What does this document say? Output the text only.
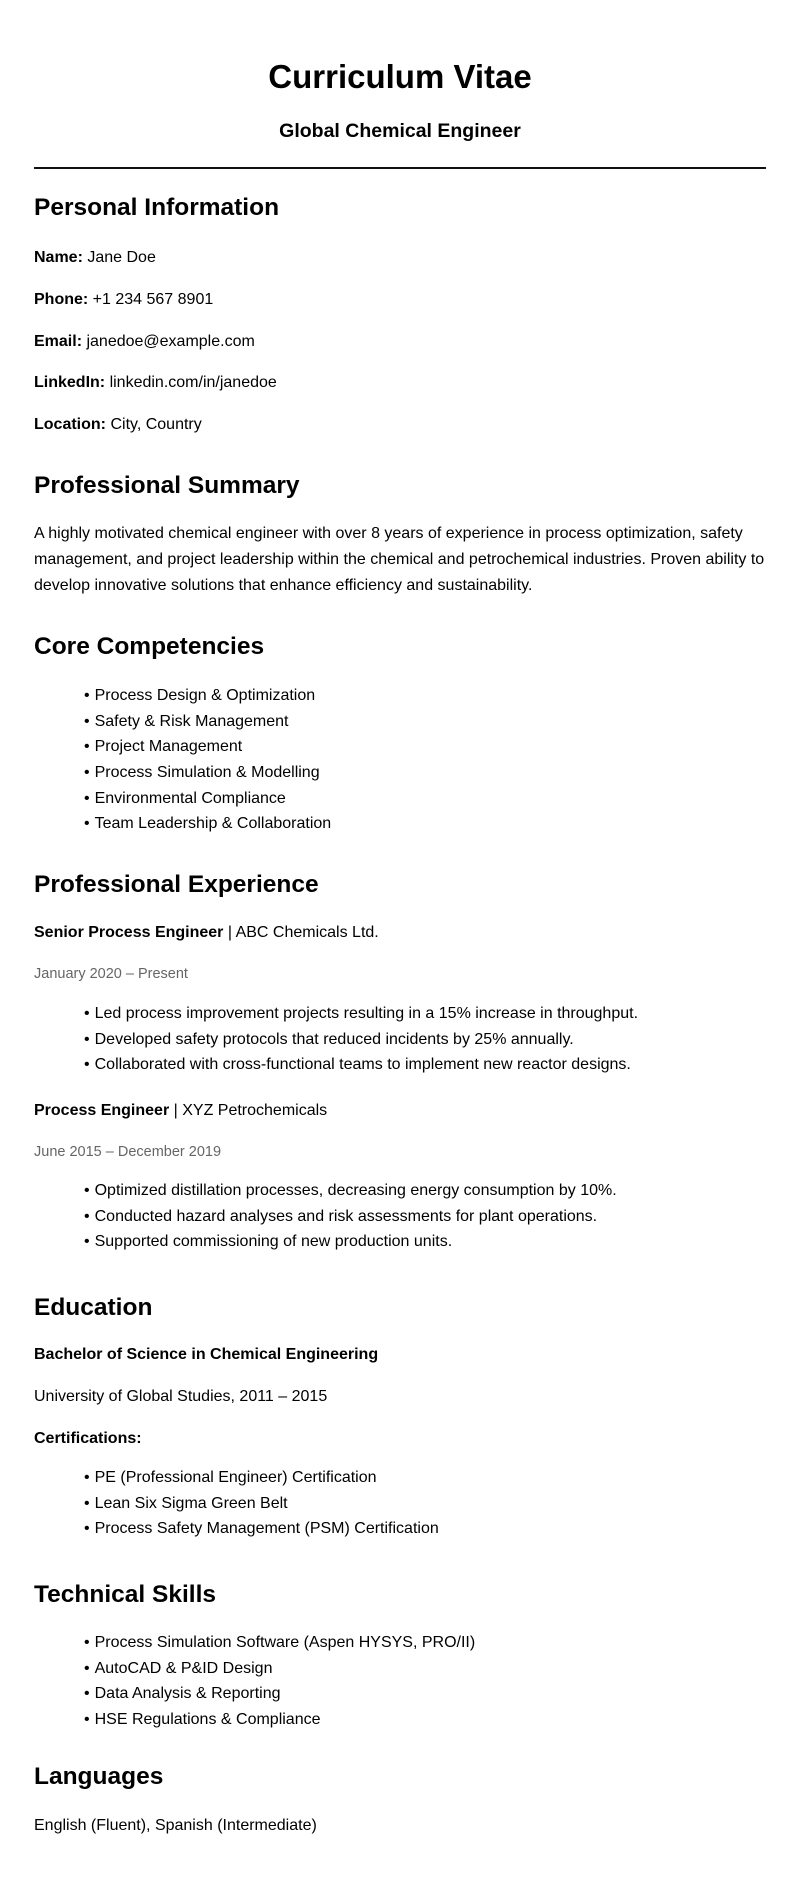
Curriculum Vitae
Global Chemical Engineer
Personal Information

Name: Jane Doe

Phone: +1 234 567 8901

Email: janedoe@example.com

LinkedIn: linkedin.com/in/janedoe

Location: City, Country

Professional Summary

A highly motivated chemical engineer with over 8 years of experience in process optimization, safety management, and project leadership within the chemical and petrochemical industries. Proven ability to develop innovative solutions that enhance efficiency and sustainability.

Core Competencies
• Process Design & Optimization
• Safety & Risk Management
• Project Management
• Process Simulation & Modelling
• Environmental Compliance
• Team Leadership & Collaboration
Professional Experience

Senior Process Engineer | ABC Chemicals Ltd.

January 2020 – Present

• Led process improvement projects resulting in a 15% increase in throughput.
• Developed safety protocols that reduced incidents by 25% annually.
• Collaborated with cross-functional teams to implement new reactor designs.

Process Engineer | XYZ Petrochemicals

June 2015 – December 2019

• Optimized distillation processes, decreasing energy consumption by 10%.
• Conducted hazard analyses and risk assessments for plant operations.
• Supported commissioning of new production units.
Education

Bachelor of Science in Chemical Engineering

University of Global Studies, 2011 – 2015

Certifications:

• PE (Professional Engineer) Certification
• Lean Six Sigma Green Belt
• Process Safety Management (PSM) Certification
Technical Skills
• Process Simulation Software (Aspen HYSYS, PRO/II)
• AutoCAD & P&ID Design
• Data Analysis & Reporting
• HSE Regulations & Compliance
Languages

English (Fluent), Spanish (Intermediate)
